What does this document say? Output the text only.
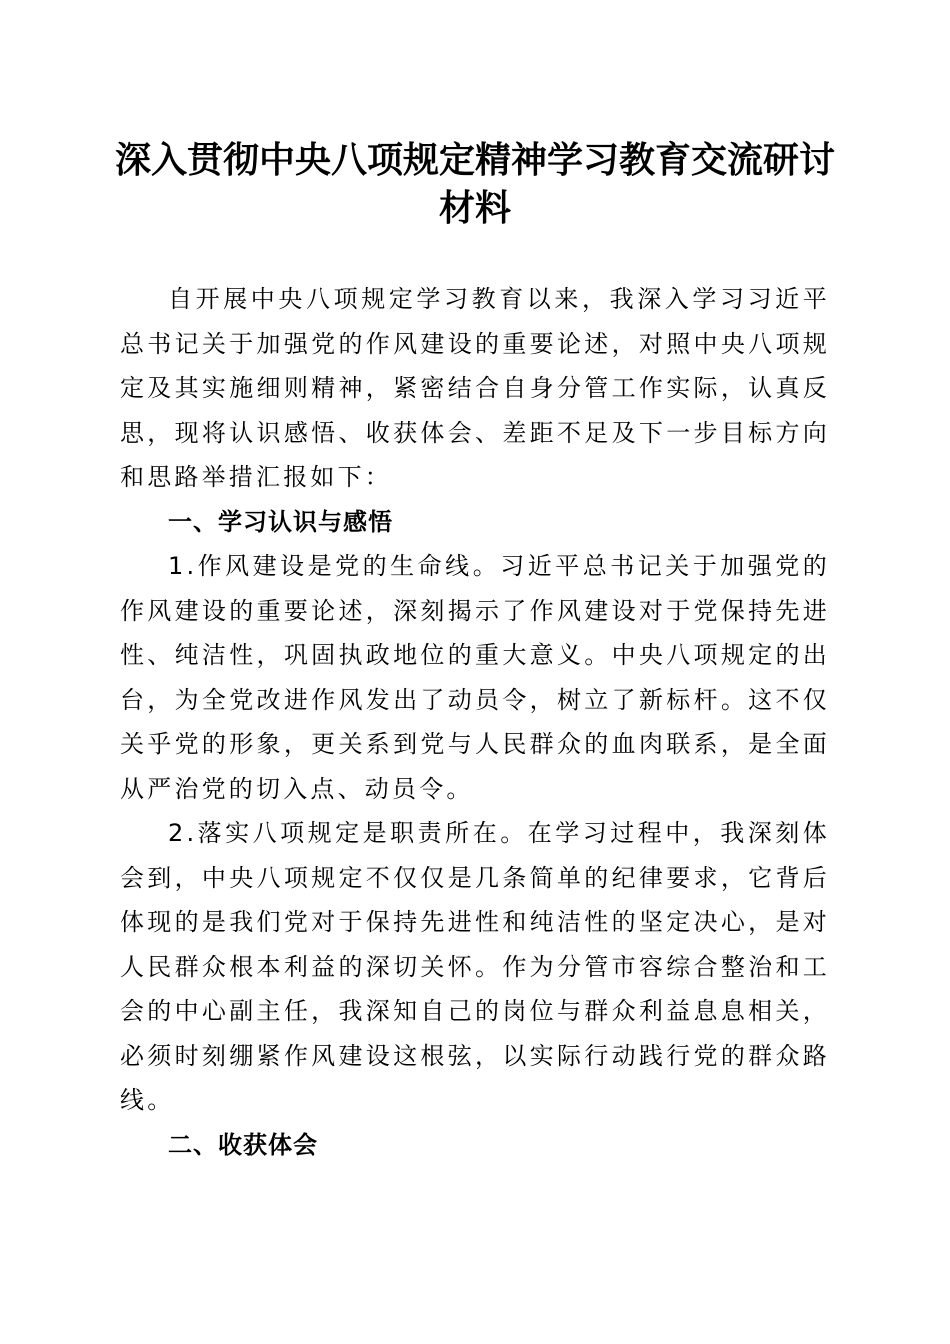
深入贯彻中央八项规定精神学习教育交流研讨
材料

自开展中央八项规定学习教育以来，我深入学习习近平总书记关于加强党的作风建设的重要论述，对照中央八项规定及其实施细则精神，紧密结合自身分管工作实际，认真反思，现将认识感悟、收获体会、差距不足及下一步目标方向和思路举措汇报如下：

一、学习认识与感悟

1.作风建设是党的生命线。习近平总书记关于加强党的作风建设的重要论述，深刻揭示了作风建设对于党保持先进性、纯洁性，巩固执政地位的重大意义。中央八项规定的出台，为全党改进作风发出了动员令，树立了新标杆。这不仅关乎党的形象，更关系到党与人民群众的血肉联系，是全面从严治党的切入点、动员令。

2.落实八项规定是职责所在。在学习过程中，我深刻体会到，中央八项规定不仅仅是几条简单的纪律要求，它背后体现的是我们党对于保持先进性和纯洁性的坚定决心，是对人民群众根本利益的深切关怀。作为分管市容综合整治和工会的中心副主任，我深知自己的岗位与群众利益息息相关，必须时刻绷紧作风建设这根弦，以实际行动践行党的群众路线。

二、收获体会
